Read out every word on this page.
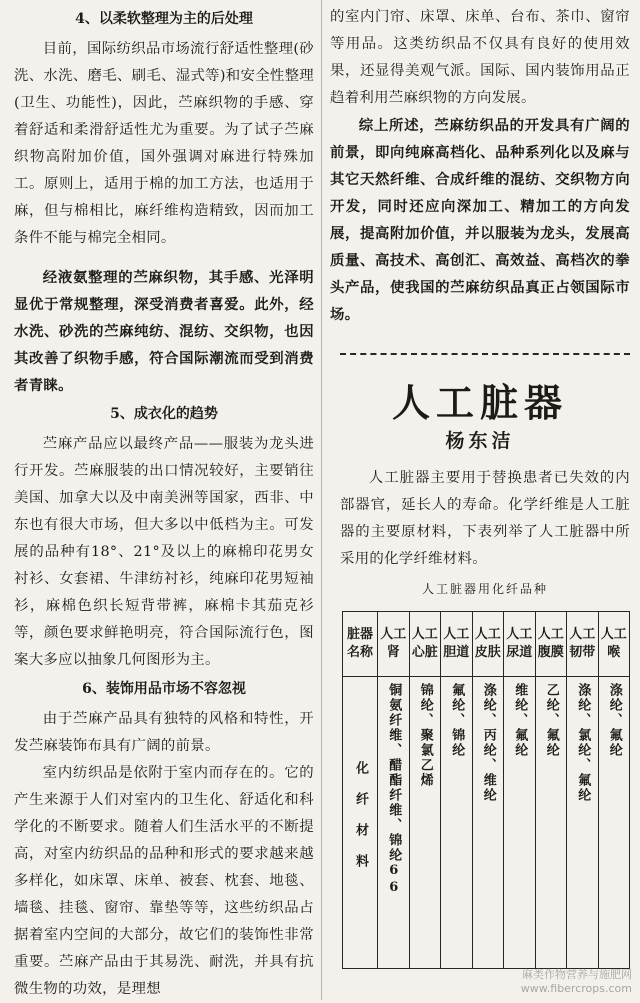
4、以柔软整理为主的后处理

目前，国际纺织品市场流行舒适性整理(砂洗、水洗、磨毛、刷毛、湿式等)和安全性整理(卫生、功能性)，因此，苎麻织物的手感、穿着舒适和柔滑舒适性尤为重要。为了试子苎麻织物高附加价值，国外强调对麻进行特殊加工。原则上，适用于棉的加工方法，也适用于麻，但与棉相比，麻纤维构造精致，因而加工条件不能与棉完全相同。

经液氨整理的苎麻织物，其手感、光泽明显优于常规整理，深受消费者喜爱。此外，经水洗、砂洗的苎麻纯纺、混纺、交织物，也因其改善了织物手感，符合国际潮流而受到消费者青睐。

5、成衣化的趋势

苎麻产品应以最终产品——服装为龙头进行开发。苎麻服装的出口情况较好，主要销往美国、加拿大以及中南美洲等国家，西非、中东也有很大市场，但大多以中低档为主。可发展的品种有18°、21°及以上的麻棉印花男女衬衫、女套裙、牛津纺衬衫，纯麻印花男短袖衫，麻棉色织长短背带裤，麻棉卡其茄克衫等，颜色要求鲜艳明亮，符合国际流行色，图案大多应以抽象几何图形为主。

6、装饰用品市场不容忽视

由于苎麻产品具有独特的风格和特性，开发苎麻装饰布具有广阔的前景。

室内纺织品是依附于室内而存在的。它的产生来源于人们对室内的卫生化、舒适化和科学化的不断要求。随着人们生活水平的不断提高，对室内纺织品的品种和形式的要求越来越多样化，如床罩、床单、被套、枕套、地毯、墙毯、挂毯、窗帘、靠垫等等，这些纺织品占据着室内空间的大部分，故它们的装饰性非常重要。苎麻产品由于其易洗、耐洗，并具有抗微生物的功效，是理想

的室内门帘、床罩、床单、台布、茶巾、窗帘等用品。这类纺织品不仅具有良好的使用效果，还显得美观气派。国际、国内装饰用品正趋着利用苎麻织物的方向发展。

综上所述，苎麻纺织品的开发具有广阔的前景，即向纯麻高档化、品种系列化以及麻与其它天然纤维、合成纤维的混纺、交织物方向开发，同时还应向深加工、精加工的方向发展，提高附加价值，并以服装为龙头，发展高质量、高技术、高创汇、高效益、高档次的拳头产品，使我国的苎麻纺织品真正占领国际市场。

人工脏器
杨东洁

人工脏器主要用于替换患者已失效的内部器官，延长人的寿命。化学纤维是人工脏器的主要原材料，下表列举了人工脏器中所采用的化学纤维材料。

人工脏器用化纤品种
脏器名称	人工肾	人工心脏	人工胆道	人工皮肤	人工尿道	人工腹膜	人工韧带	人工喉

化纤材料	铜氨纤维、醋酯纤维、锦纶66	锦纶、聚氯乙烯	氟纶、锦纶	涤纶、丙纶、维纶	维纶、氟纶	乙纶、氟纶	涤纶、氯纶、氟纶	涤纶、氟纶
麻类作物营养与施肥网
www.fibercrops.com
